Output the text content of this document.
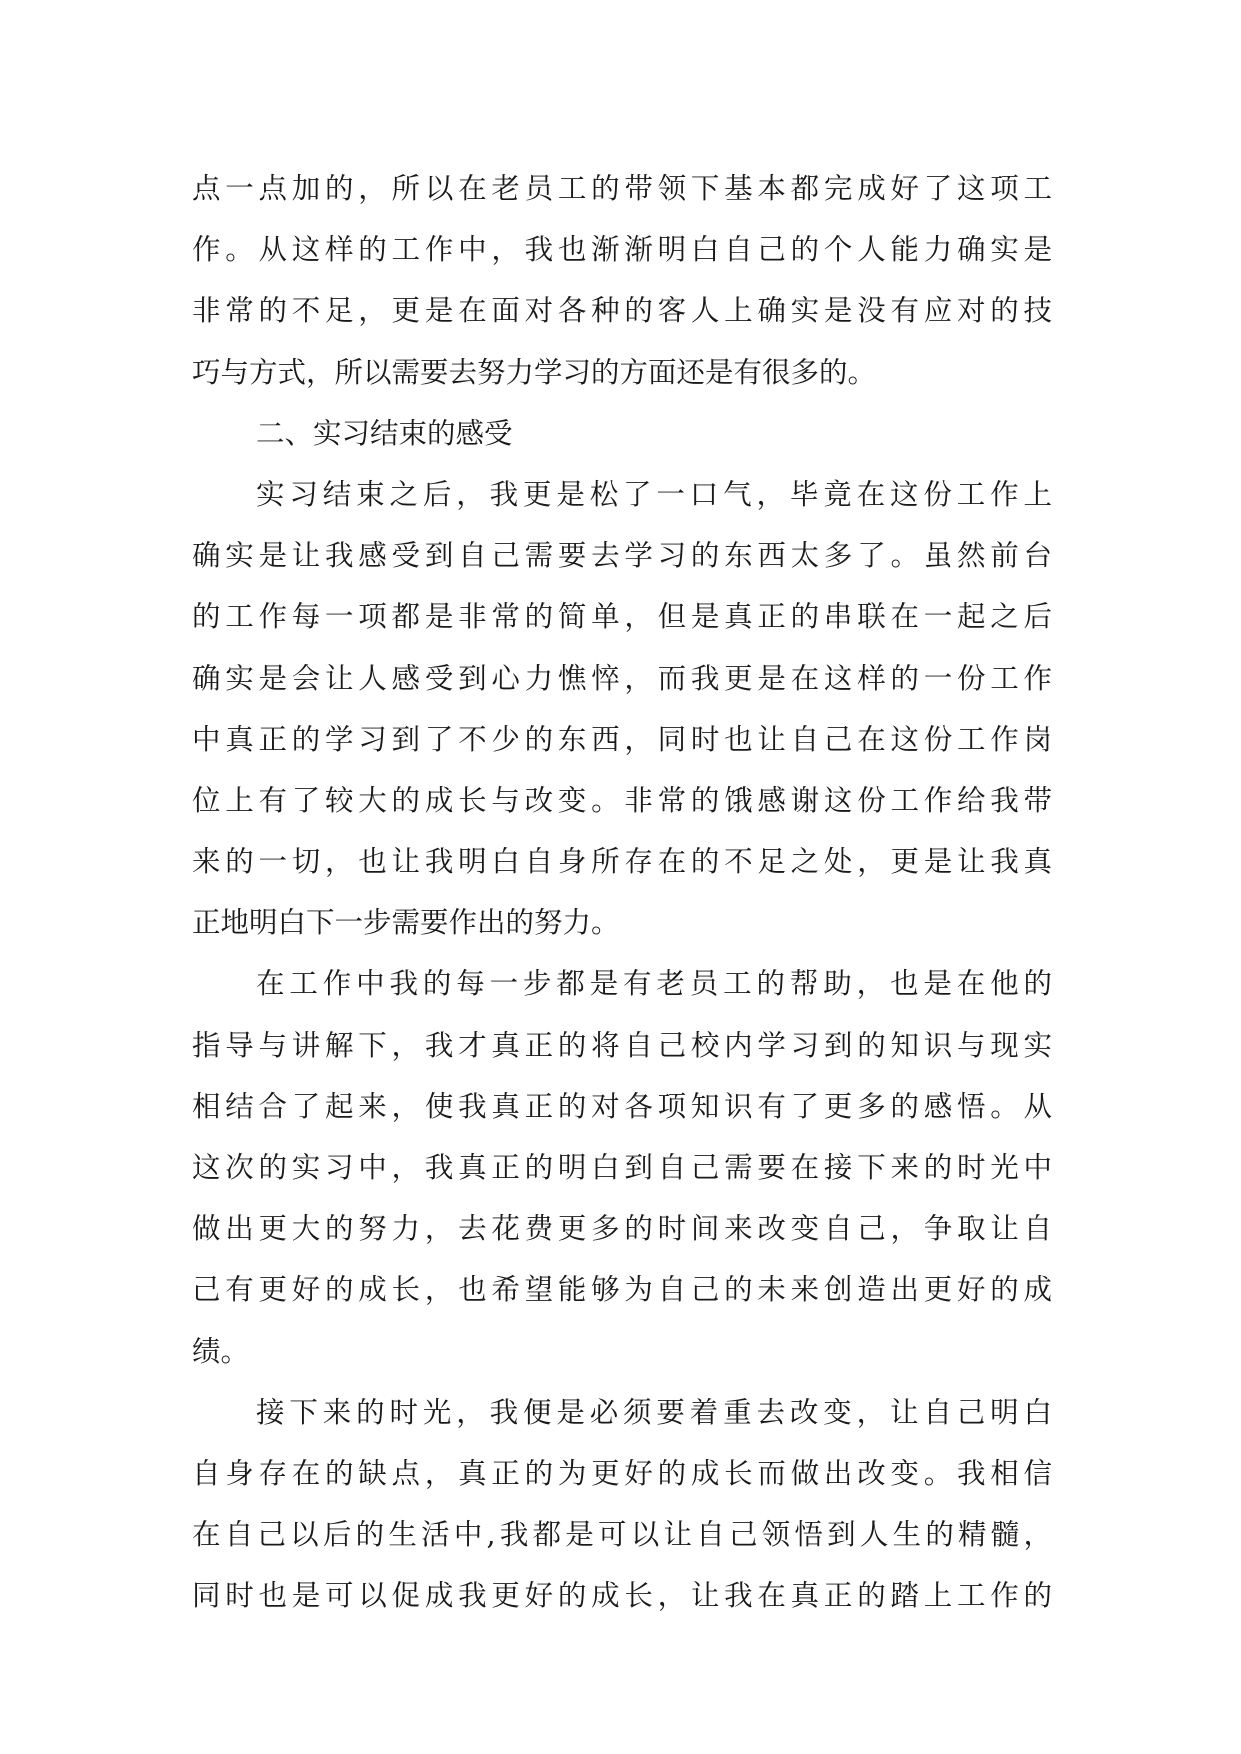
点一点加的，所以在老员工的带领下基本都完成好了这项工
作。从这样的工作中，我也渐渐明白自己的个人能力确实是
非常的不足，更是在面对各种的客人上确实是没有应对的技
巧与方式，所以需要去努力学习的方面还是有很多的。
二、实习结束的感受
实习结束之后，我更是松了一口气，毕竟在这份工作上
确实是让我感受到自己需要去学习的东西太多了。虽然前台
的工作每一项都是非常的简单，但是真正的串联在一起之后
确实是会让人感受到心力憔悴，而我更是在这样的一份工作
中真正的学习到了不少的东西，同时也让自己在这份工作岗
位上有了较大的成长与改变。非常的饿感谢这份工作给我带
来的一切，也让我明白自身所存在的不足之处，更是让我真
正地明白下一步需要作出的努力。
在工作中我的每一步都是有老员工的帮助，也是在他的
指导与讲解下，我才真正的将自己校内学习到的知识与现实
相结合了起来，使我真正的对各项知识有了更多的感悟。从
这次的实习中，我真正的明白到自己需要在接下来的时光中
做出更大的努力，去花费更多的时间来改变自己，争取让自
己有更好的成长，也希望能够为自己的未来创造出更好的成
绩。
接下来的时光，我便是必须要着重去改变，让自己明白
自身存在的缺点，真正的为更好的成长而做出改变。我相信
在自己以后的生活中,我都是可以让自己领悟到人生的精髓，
同时也是可以促成我更好的成长，让我在真正的踏上工作的
